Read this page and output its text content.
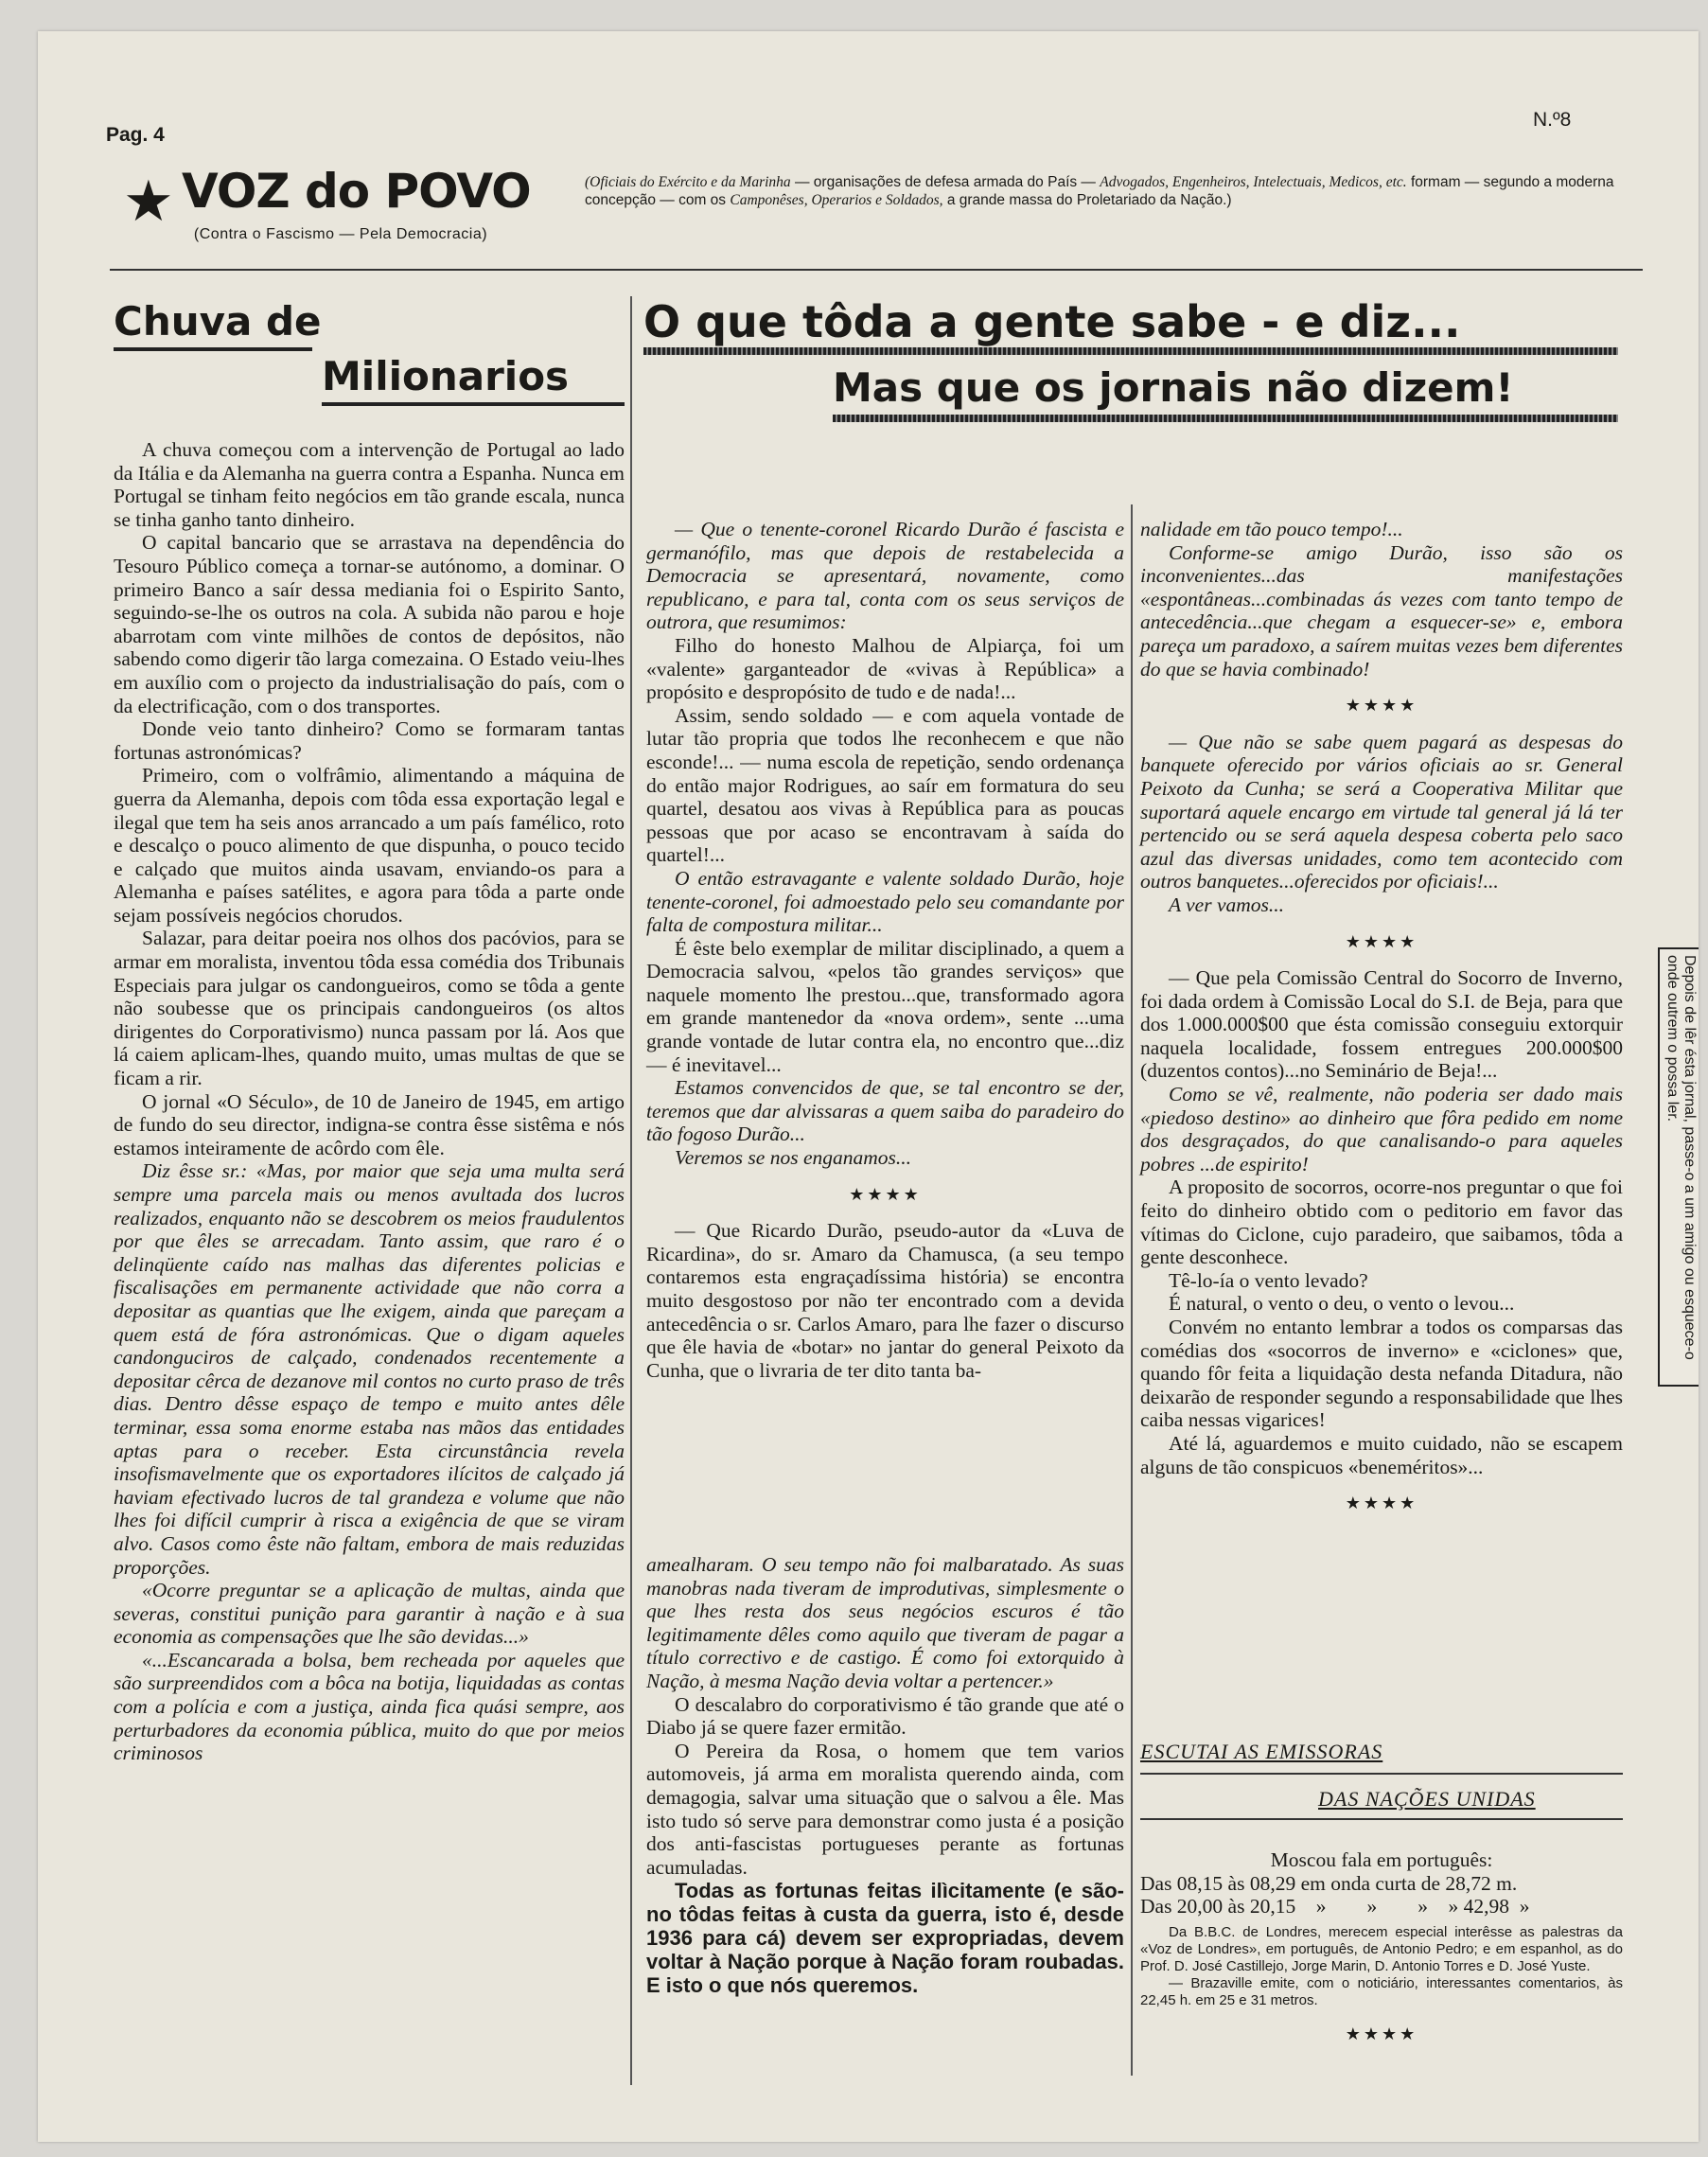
Pag. 4
N.º8
★ VOZ do POVO
(Contra o Fascismo — Pela Democracia)
(Oficiais do Exército e da Marinha — organisações de defesa armada do País — Advogados, Engenheiros, Intelectuais, Medicos, etc. formam — segundo a moderna concepção — com os Camponêses, Operarios e Soldados, a grande massa do Proletariado da Nação.)
Chuva de
Milionarios
O que tôda a gente sabe - e diz...
Mas que os jornais não dizem!

A chuva começou com a intervenção de Portugal ao lado da Itália e da Alemanha na guerra contra a Espanha. Nunca em Portugal se tinham feito negócios em tão grande escala, nunca se tinha ganho tanto dinheiro.

O capital bancario que se arrastava na dependência do Tesouro Público começa a tornar-se autónomo, a dominar. O primeiro Banco a saír dessa mediania foi o Espirito Santo, seguindo-se-lhe os outros na cola. A subida não parou e hoje abarrotam com vinte milhões de contos de depósitos, não sabendo como digerir tão larga comezaina. O Estado veiu-lhes em auxílio com o projecto da industrialisação do país, com o da electrificação, com o dos transportes.

Donde veio tanto dinheiro? Como se formaram tantas fortunas astronómicas?

Primeiro, com o volfrâmio, alimentando a máquina de guerra da Alemanha, depois com tôda essa exportação legal e ilegal que tem ha seis anos arrancado a um país famélico, roto e descalço o pouco alimento de que dispunha, o pouco tecido e calçado que muitos ainda usavam, enviando-os para a Alemanha e países satélites, e agora para tôda a parte onde sejam possíveis negócios chorudos.

Salazar, para deitar poeira nos olhos dos pacóvios, para se armar em moralista, inventou tôda essa comédia dos Tribunais Especiais para julgar os candongueiros, como se tôda a gente não soubesse que os principais candongueiros (os altos dirigentes do Corporativismo) nunca passam por lá. Aos que lá caiem aplicam-lhes, quando muito, umas multas de que se ficam a rir.

O jornal «O Século», de 10 de Janeiro de 1945, em artigo de fundo do seu director, indigna-se contra êsse sistêma e nós estamos inteiramente de acôrdo com êle.

Diz êsse sr.: «Mas, por maior que seja uma multa será sempre uma parcela mais ou menos avultada dos lucros realizados, enquanto não se descobrem os meios fraudulentos por que êles se arrecadam. Tanto assim, que raro é o delinqüente caído nas malhas das diferentes policias e fiscalisações em permanente actividade que não corra a depositar as quantias que lhe exigem, ainda que pareçam a quem está de fóra astronómicas. Que o digam aqueles candonguciros de calçado, condenados recentemente a depositar cêrca de dezanove mil contos no curto praso de três dias. Dentro dêsse espaço de tempo e muito antes dêle terminar, essa soma enorme estaba nas mãos das entidades aptas para o receber. Esta circunstância revela insofismavelmente que os exportadores ilícitos de calçado já haviam efectivado lucros de tal grandeza e volume que não lhes foi difícil cumprir à risca a exigência de que se viram alvo. Casos como êste não faltam, embora de mais reduzidas proporções.

«Ocorre preguntar se a aplicação de multas, ainda que severas, constitui punição para garantir à nação e à sua economia as compensações que lhe são devidas...»

«...Escancarada a bolsa, bem recheada por aqueles que são surpreendidos com a bôca na botija, liquidadas as contas com a polícia e com a justiça, ainda fica quási sempre, aos perturbadores da economia pública, muito do que por meios criminosos

— Que o tenente-coronel Ricardo Durão é fascista e germanófilo, mas que depois de restabelecida a Democracia se apresentará, novamente, como republicano, e para tal, conta com os seus serviços de outrora, que resumimos:

Filho do honesto Malhou de Alpiarça, foi um «valente» garganteador de «vivas à República» a propósito e despropósito de tudo e de nada!...

Assim, sendo soldado — e com aquela vontade de lutar tão propria que todos lhe reconhecem e que não esconde!... — numa escola de repetição, sendo ordenança do então major Rodrigues, ao saír em formatura do seu quartel, desatou aos vivas à República para as poucas pessoas que por acaso se encontravam à saída do quartel!...

O então estravagante e valente soldado Durão, hoje tenente-coronel, foi admoestado pelo seu comandante por falta de compostura militar...

É êste belo exemplar de militar disciplinado, a quem a Democracia salvou, «pelos tão grandes serviços» que naquele momento lhe prestou...que, transformado agora em grande mantenedor da «nova ordem», sente ...uma grande vontade de lutar contra ela, no encontro que...diz — é inevitavel...

Estamos convencidos de que, se tal encontro se der, teremos que dar alvissaras a quem saiba do paradeiro do tão fogoso Durão...

Veremos se nos enganamos...

★★★★

— Que Ricardo Durão, pseudo-autor da «Luva de Ricardina», do sr. Amaro da Chamusca, (a seu tempo contaremos esta engraçadíssima história) se encontra muito desgostoso por não ter encontrado com a devida antecedência o sr. Carlos Amaro, para lhe fazer o discurso que êle havia de «botar» no jantar do general Peixoto da Cunha, que o livraria de ter dito tanta ba-

amealharam. O seu tempo não foi malbaratado. As suas manobras nada tiveram de improdutivas, simplesmente o que lhes resta dos seus negócios escuros é tão legitimamente dêles como aquilo que tiveram de pagar a título correctivo e de castigo. É como foi extorquido à Nação, à mesma Nação devia voltar a pertencer.»

O descalabro do corporativismo é tão grande que até o Diabo já se quere fazer ermitão.

O Pereira da Rosa, o homem que tem varios automoveis, já arma em moralista querendo ainda, com demagogia, salvar uma situação que o salvou a êle. Mas isto tudo só serve para demonstrar como justa é a posição dos anti-fascistas portugueses perante as fortunas acumuladas.

Todas as fortunas feitas ilìcitamente (e são-no tôdas feitas à custa da guerra, isto é, desde 1936 para cá) devem ser expropriadas, devem voltar à Nação porque à Nação foram roubadas. E isto o que nós queremos.

nalidade em tão pouco tempo!...

Conforme-se amigo Durão, isso são os inconvenientes...das manifestações «espontâneas...combinadas ás vezes com tanto tempo de antecedência...que chegam a esquecer-se» e, embora pareça um paradoxo, a saírem muitas vezes bem diferentes do que se havia combinado!

★★★★

— Que não se sabe quem pagará as despesas do banquete oferecido por vários oficiais ao sr. General Peixoto da Cunha; se será a Cooperativa Militar que suportará aquele encargo em virtude tal general já lá ter pertencido ou se será aquela despesa coberta pelo saco azul das diversas unidades, como tem acontecido com outros banquetes...oferecidos por oficiais!...

A ver vamos...

★★★★

— Que pela Comissão Central do Socorro de Inverno, foi dada ordem à Comissão Local do S.I. de Beja, para que dos 1.000.000$00 que ésta comissão conseguiu extorquir naquela localidade, fossem entregues 200.000$00 (duzentos contos)...no Seminário de Beja!...

Como se vê, realmente, não poderia ser dado mais «piedoso destino» ao dinheiro que fôra pedido em nome dos desgraçados, do que canalisando-o para aqueles pobres ...de espirito!

A proposito de socorros, ocorre-nos preguntar o que foi feito do dinheiro obtido com o peditorio em favor das vítimas do Ciclone, cujo paradeiro, que saibamos, tôda a gente desconhece.

Tê-lo-ía o vento levado?

É natural, o vento o deu, o vento o levou...

Convém no entanto lembrar a todos os comparsas das comédias dos «socorros de inverno» e «ciclones» que, quando fôr feita a liquidação desta nefanda Ditadura, não deixarão de responder segundo a responsabilidade que lhes caiba nessas vigarices!

Até lá, aguardemos e muito cuidado, não se escapem alguns de tão conspicuos «beneméritos»...

★★★★
ESCUTAI AS EMISSORAS
DAS NAÇÕES UNIDAS
Moscou fala em português:
Das 08,15 às 08,29 em onda curta de 28,72 m.
Das 20,00 às 20,15    »        »        »    » 42,98  »
Da B.B.C. de Londres, merecem especial interêsse as palestras da «Voz de Londres», em português, de Antonio Pedro; e em espanhol, as do Prof. D. José Castillejo, Jorge Marin, D. Antonio Torres e D. José Yuste.
— Brazaville emite, com o noticiário, interessantes comentarios, às 22,45 h. em 25 e 31 metros.
★★★★
Depois de lêr ésta jornal, passe-o a um amigo ou esquece-o onde outrem o possa ler.
